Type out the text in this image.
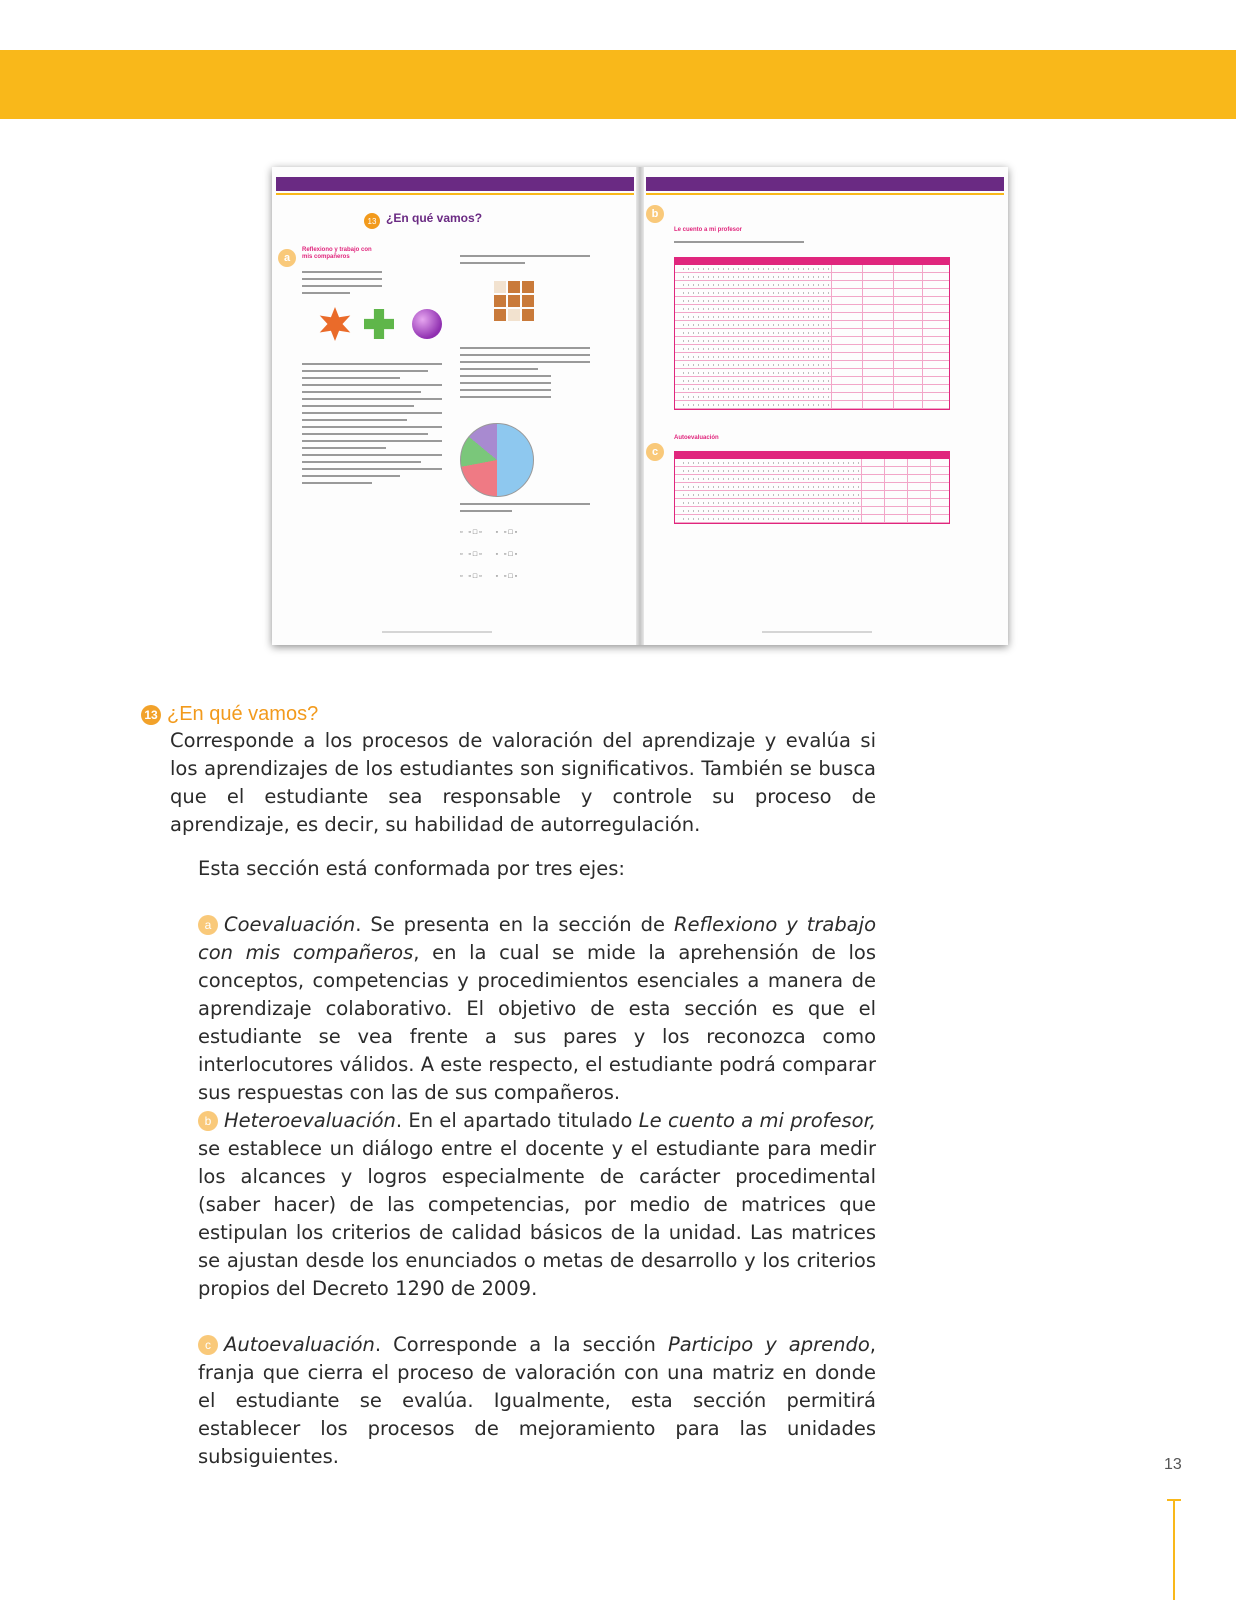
13 ¿En qué vamos?
a
Reflexiono y trabajo con mis compañeros
▫ ▫□▫   ▫ ▫□▫
▫ ▫□▫   ▫ ▫□▫
▫ ▫□▫   ▫ ▫□▫
b
Le cuento a mi profesor
c
Autoevaluación
13 ¿En qué vamos?
Corresponde a los procesos de valoración del aprendizaje y evalúa si los aprendizajes de los estudiantes son significativos. También se busca que el estudiante sea responsable y controle su proceso de aprendizaje, es decir, su habilidad de autorregulación.
Esta sección está conformada por tres ejes:
a Coevaluación. Se presenta en la sección de Reflexiono y trabajo con mis compañeros, en la cual se mide la aprehensión de los conceptos, competencias y procedimientos esenciales a manera de aprendizaje colaborativo. El objetivo de esta sección es que el estudiante se vea frente a sus pares y los reconozca como interlocutores válidos. A este respecto, el estudiante podrá comparar sus respuestas con las de sus compañeros.
b Heteroevaluación. En el apartado titulado Le cuento a mi profesor, se establece un diálogo entre el docente y el estudiante para medir los alcances y logros especialmente de carácter procedimental (saber hacer) de las competencias, por medio de matrices que estipulan los criterios de calidad básicos de la unidad. Las matrices se ajustan desde los enunciados o metas de desarrollo y los criterios propios del Decreto 1290 de 2009.
c Autoevaluación. Corresponde a la sección Participo y aprendo, franja que cierra el proceso de valoración con una matriz en donde el estudiante se evalúa. Igualmente, esta sección permitirá establecer los procesos de mejoramiento para las unidades subsiguientes.	13
